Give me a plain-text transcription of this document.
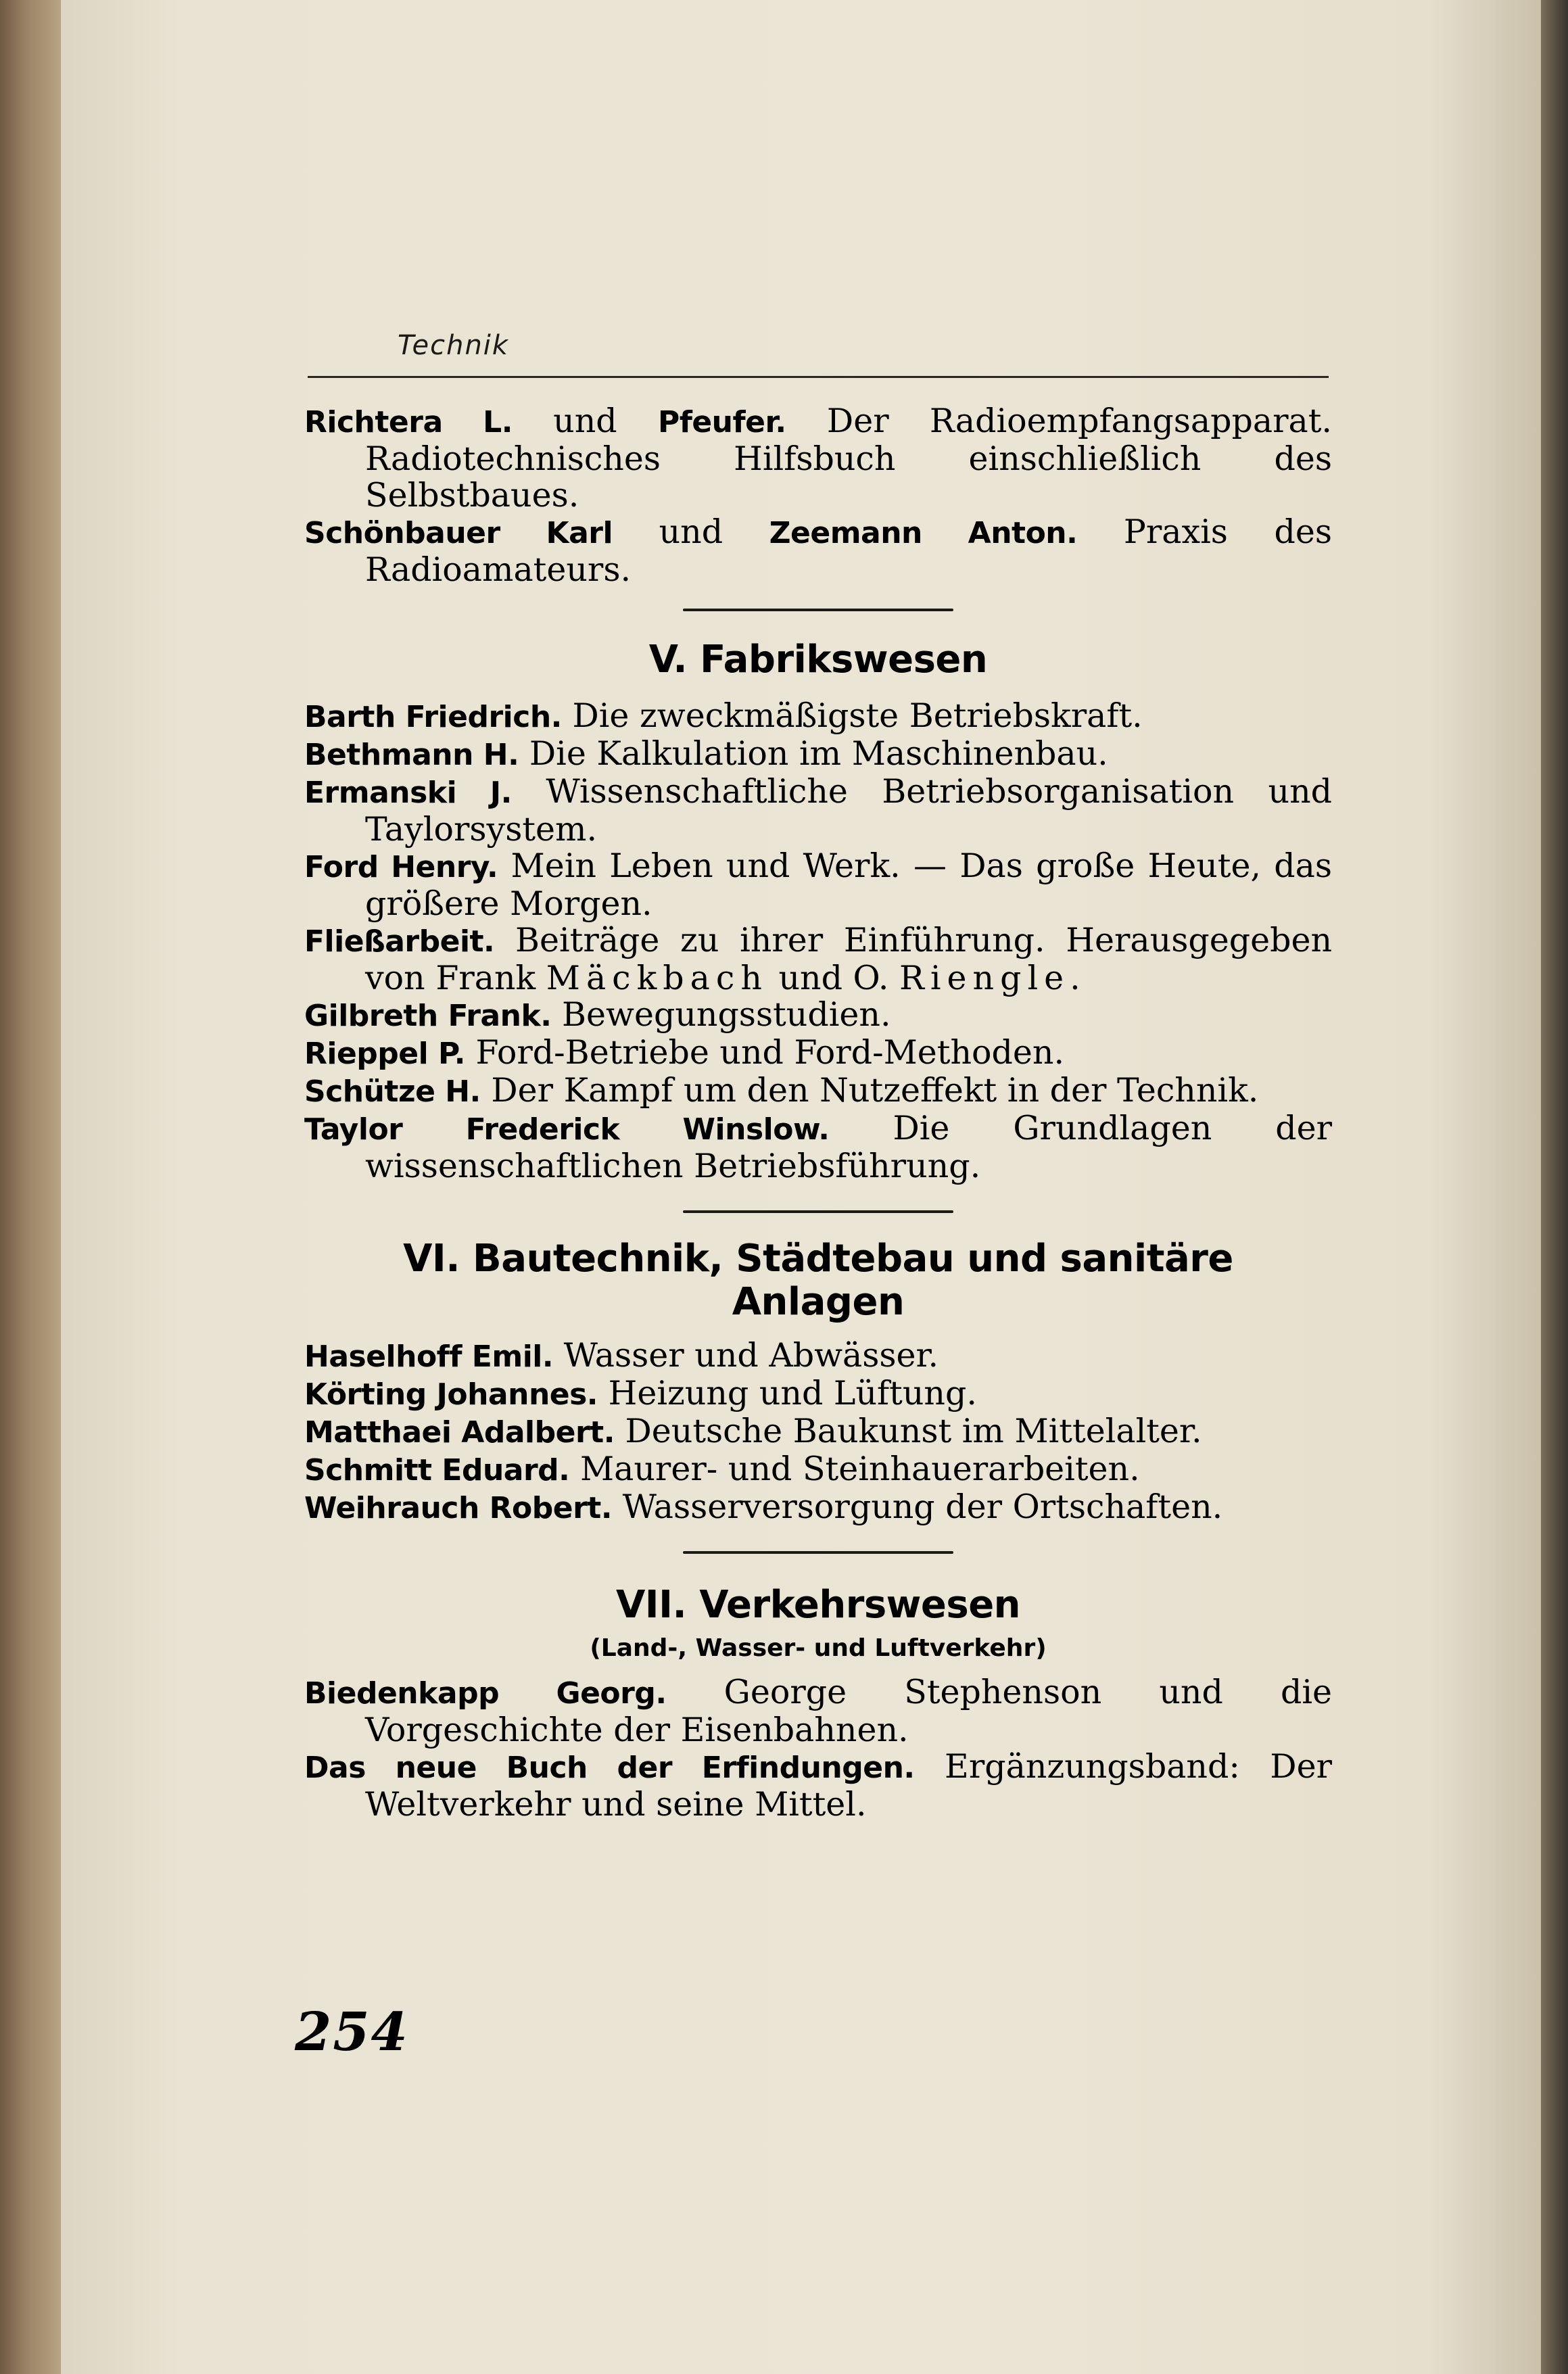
Technik
Richtera L. und Pfeufer. Der Radioempfangsapparat. Radiotechnisches Hilfsbuch einschließlich des Selbstbaues.
Schönbauer Karl und Zeemann Anton. Praxis des Radioamateurs.
V. Fabrikswesen
Barth Friedrich. Die zweckmäßigste Betriebskraft.
Bethmann H. Die Kalkulation im Maschinenbau.
Ermanski J. Wissenschaftliche Betriebsorganisation und Taylorsystem.
Ford Henry. Mein Leben und Werk. — Das große Heute, das größere Morgen.
Fließarbeit. Beiträge zu ihrer Einführung. Herausgegeben von Frank Mäckbach und O. Riengle.
Gilbreth Frank. Bewegungsstudien.
Rieppel P. Ford-Betriebe und Ford-Methoden.
Schütze H. Der Kampf um den Nutzeffekt in der Technik.
Taylor Frederick Winslow. Die Grundlagen der wissenschaftlichen Betriebsführung.
VI. Bautechnik, Städtebau und sanitäre
Anlagen
Haselhoff Emil. Wasser und Abwässer.
Körting Johannes. Heizung und Lüftung.
Matthaei Adalbert. Deutsche Baukunst im Mittelalter.
Schmitt Eduard. Maurer- und Steinhauerarbeiten.
Weihrauch Robert. Wasserversorgung der Ortschaften.
VII. Verkehrswesen
(Land-, Wasser- und Luftverkehr)
Biedenkapp Georg. George Stephenson und die Vorgeschichte der Eisenbahnen.
Das neue Buch der Erfindungen. Ergänzungsband: Der Weltverkehr und seine Mittel.
254
